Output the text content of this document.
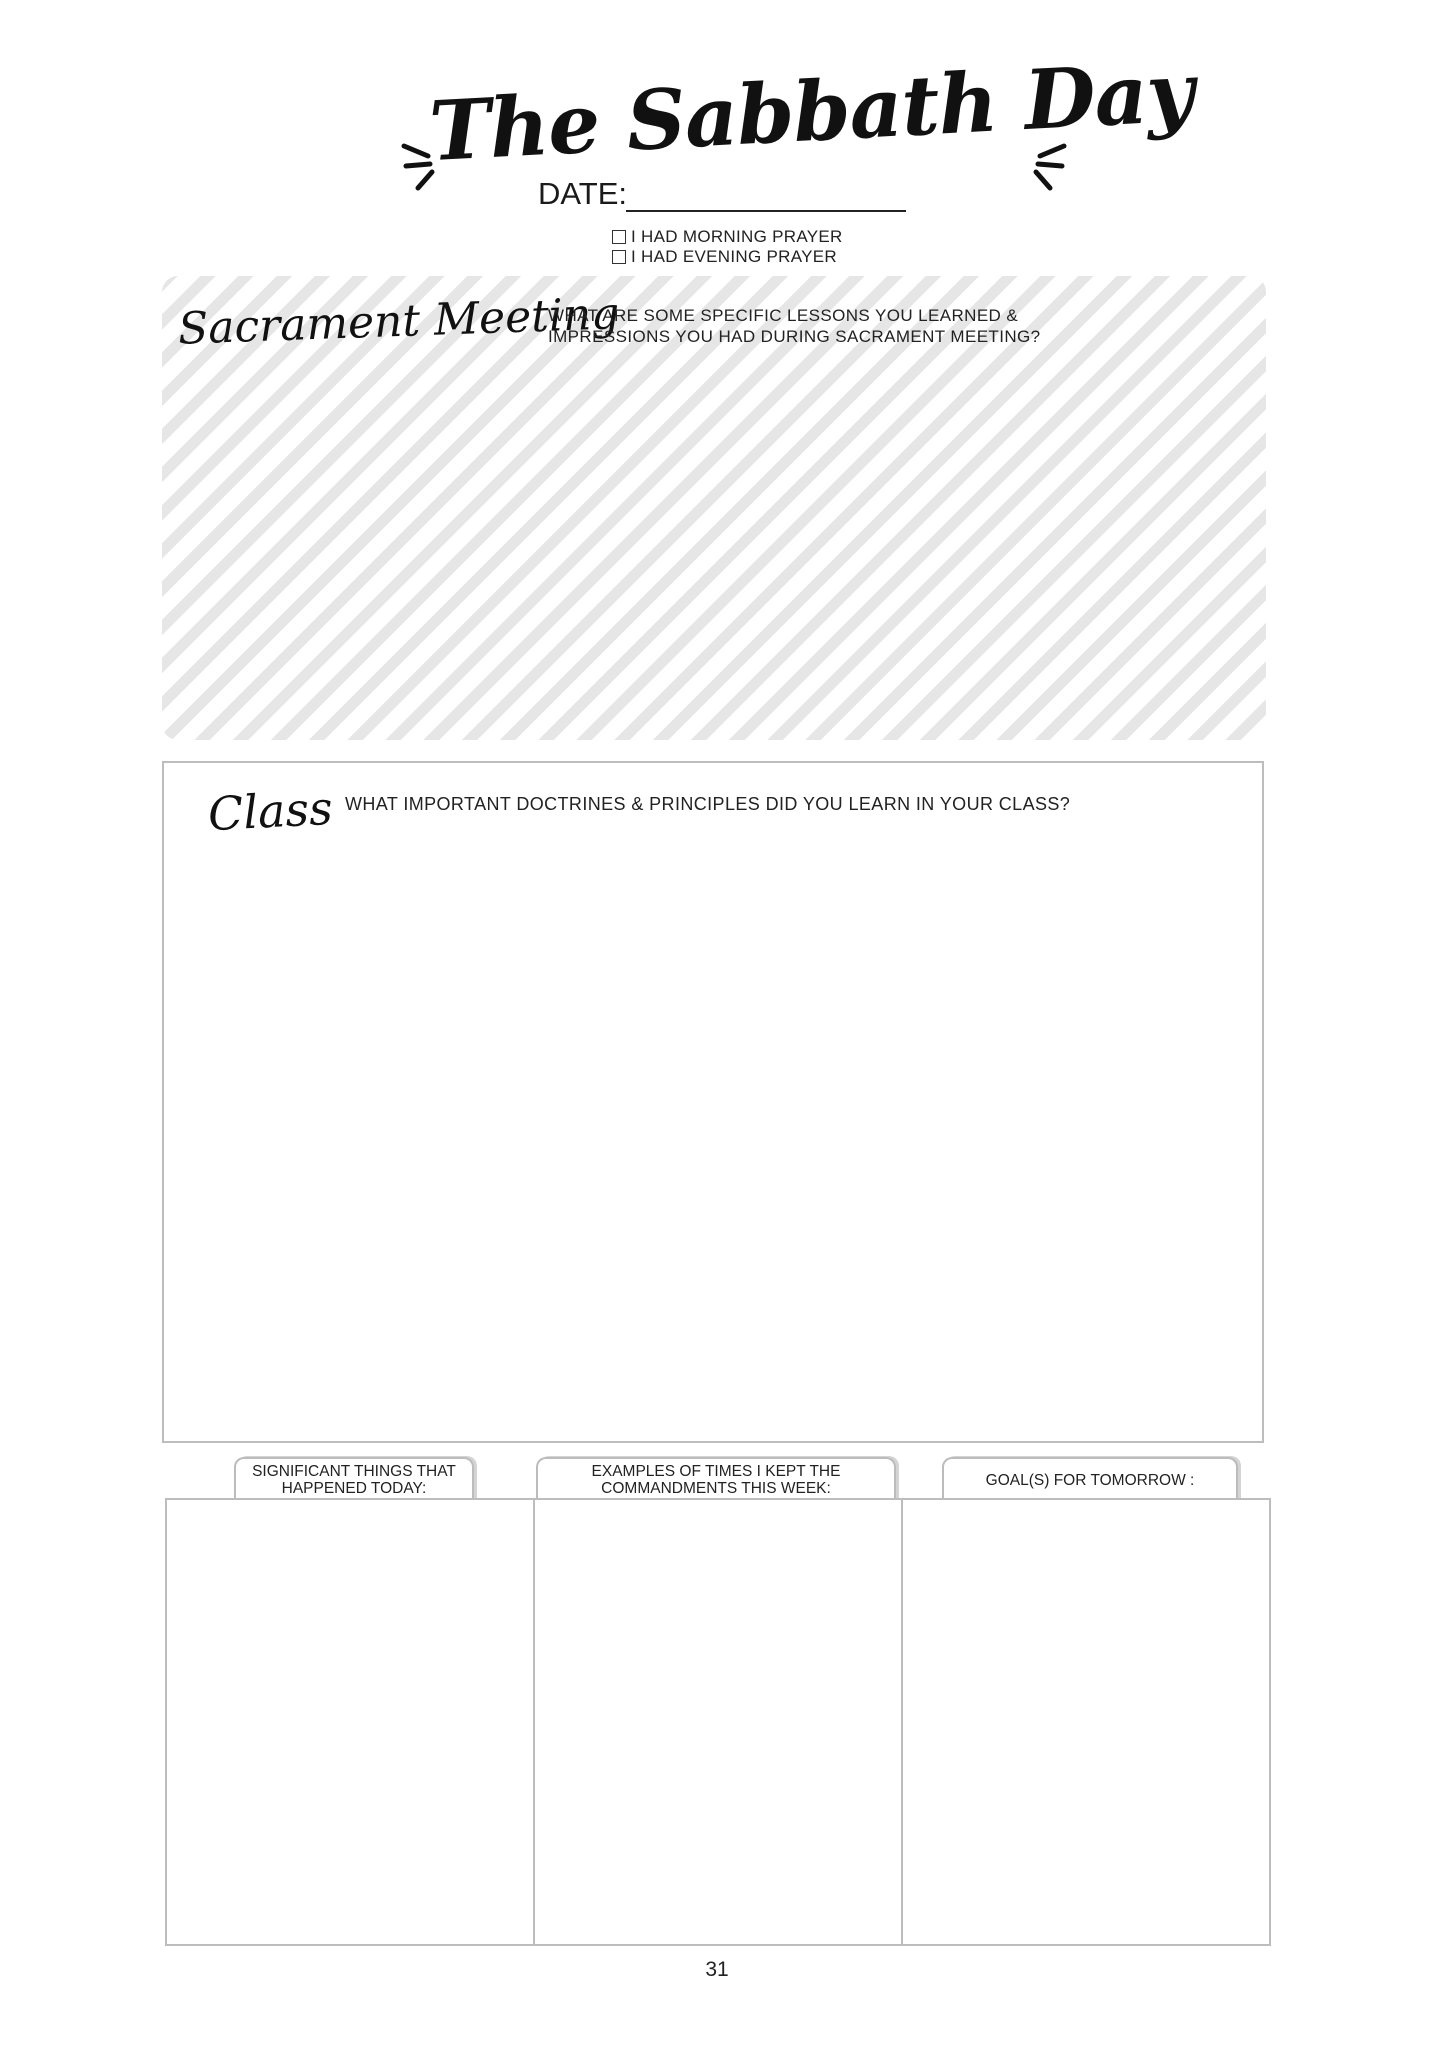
The Sabbath Day
DATE:
I HAD MORNING PRAYER
I HAD EVENING PRAYER
Sacrament Meeting
WHAT ARE SOME SPECIFIC LESSONS YOU LEARNED &
IMPRESSIONS YOU HAD DURING SACRAMENT MEETING?
Class WHAT IMPORTANT DOCTRINES & PRINCIPLES DID YOU LEARN IN YOUR CLASS?
SIGNIFICANT THINGS THAT
HAPPENED TODAY:
EXAMPLES OF TIMES I KEPT THE
COMMANDMENTS THIS WEEK:	GOAL(S) FOR TOMORROW :
31
